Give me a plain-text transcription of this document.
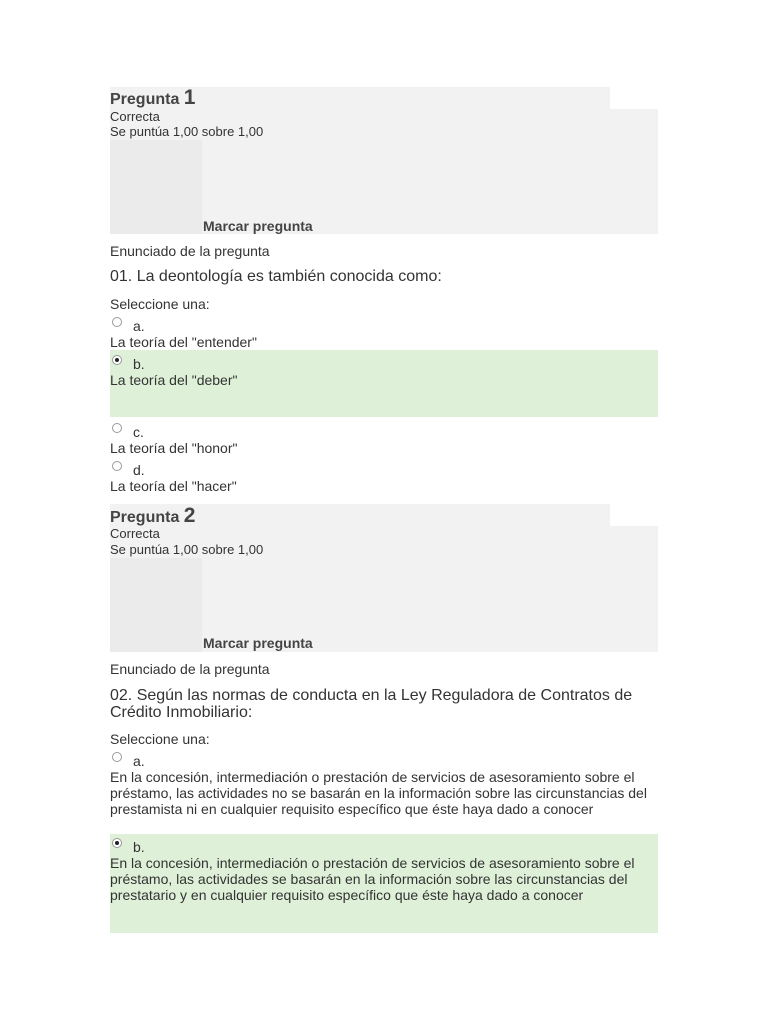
Pregunta 1
Correcta
Se puntúa 1,00 sobre 1,00
Marcar pregunta
Enunciado de la pregunta
01. La deontología es también conocida como:
Seleccione una:
a.
La teoría del "entender"
b.
La teoría del "deber"
c.
La teoría del "honor"
d.
La teoría del "hacer"
Pregunta 2
Correcta
Se puntúa 1,00 sobre 1,00
Marcar pregunta
Enunciado de la pregunta
02. Según las normas de conducta en la Ley Reguladora de Contratos de Crédito Inmobiliario:
Seleccione una:
a.
En la concesión, intermediación o prestación de servicios de asesoramiento sobre el préstamo, las actividades no se basarán en la información sobre las circunstancias del prestamista ni en cualquier requisito específico que éste haya dado a conocer
b.
En la concesión, intermediación o prestación de servicios de asesoramiento sobre el préstamo, las actividades se basarán en la información sobre las circunstancias del prestatario y en cualquier requisito específico que éste haya dado a conocer
